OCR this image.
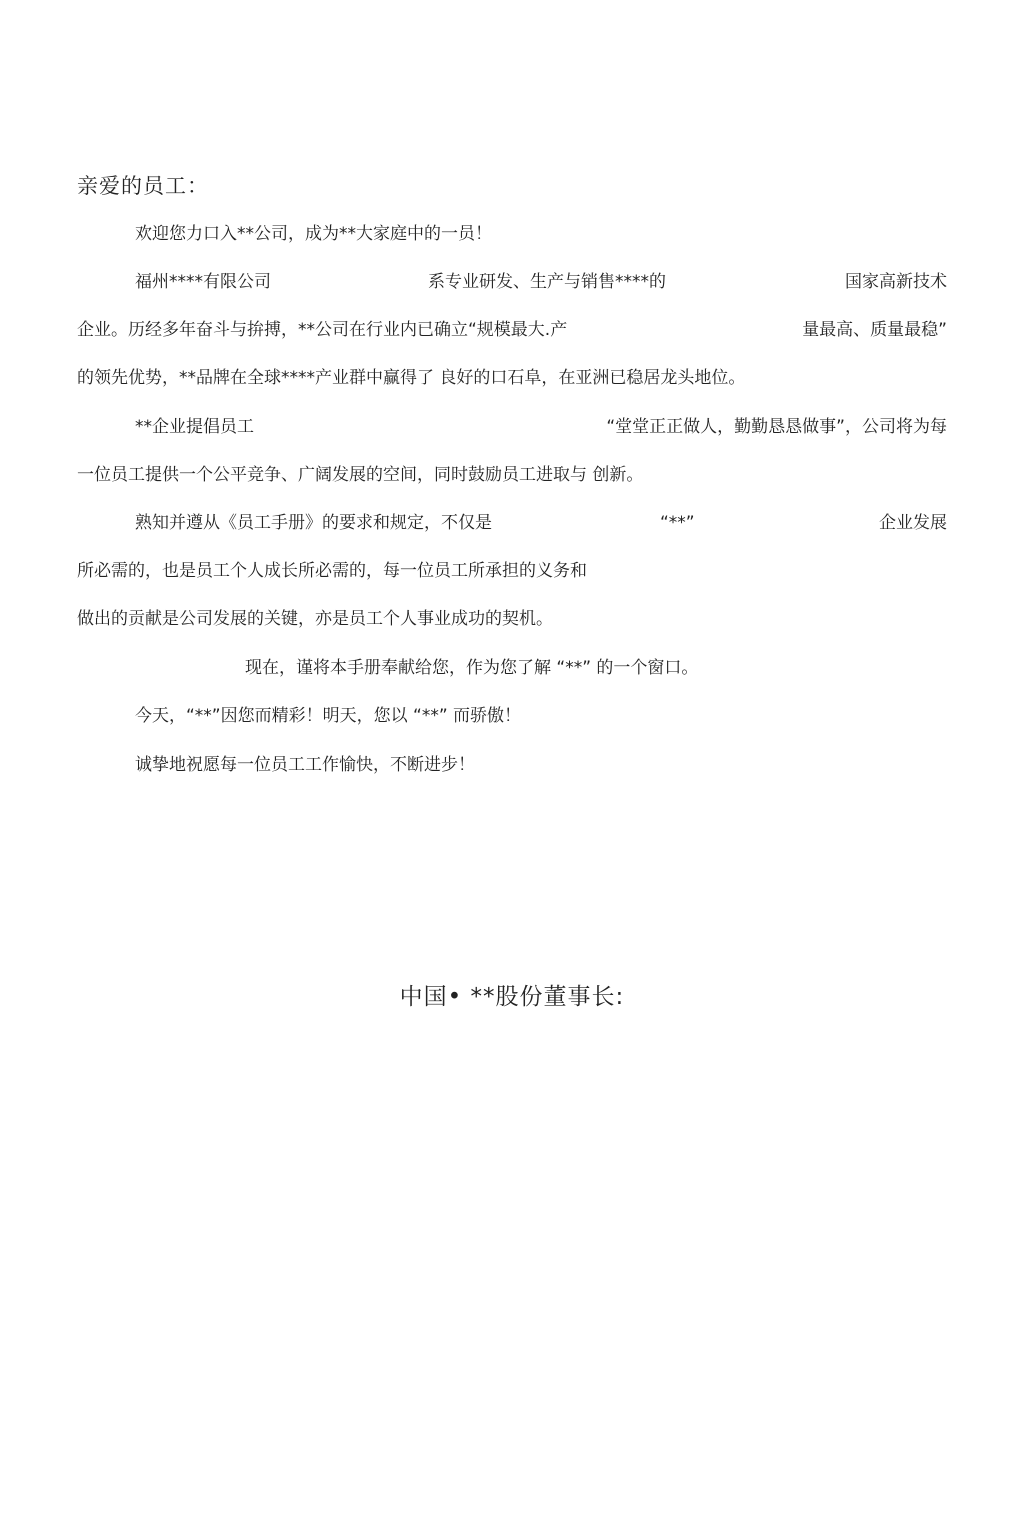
亲爱的员工：
欢迎您力口入**公司，成为**大家庭中的一员！
福州****有限公司	系专业研发、生产与销售****的	国家高新技术
企业。历经多年奋斗与拚搏，**公司在行业内已确立“规模最大.产	量最高、质量最稳”
的领先优势，**品牌在全球****产业群中赢得了 良好的口石阜，在亚洲已稳居龙头地位。
**企业提倡员工	“堂堂正正做人，勤勤恳恳做事”，公司将为每
一位员工提供一个公平竞争、广阔发展的空间，同时鼓励员工进取与 创新。
熟知并遵从《员工手册》的要求和规定，不仅是	“**”	企业发展
所必需的，也是员工个人成长所必需的，每一位员工所承担的义务和
做出的贡献是公司发展的关键，亦是员工个人事业成功的契机。
现在，谨将本手册奉献给您，作为您了解 “**” 的一个窗口。
今天，“**”因您而精彩！明天，您以 “**” 而骄傲！
诚挚地祝愿每一位员工工作愉快，不断进步！
中国• **股份董事长:
